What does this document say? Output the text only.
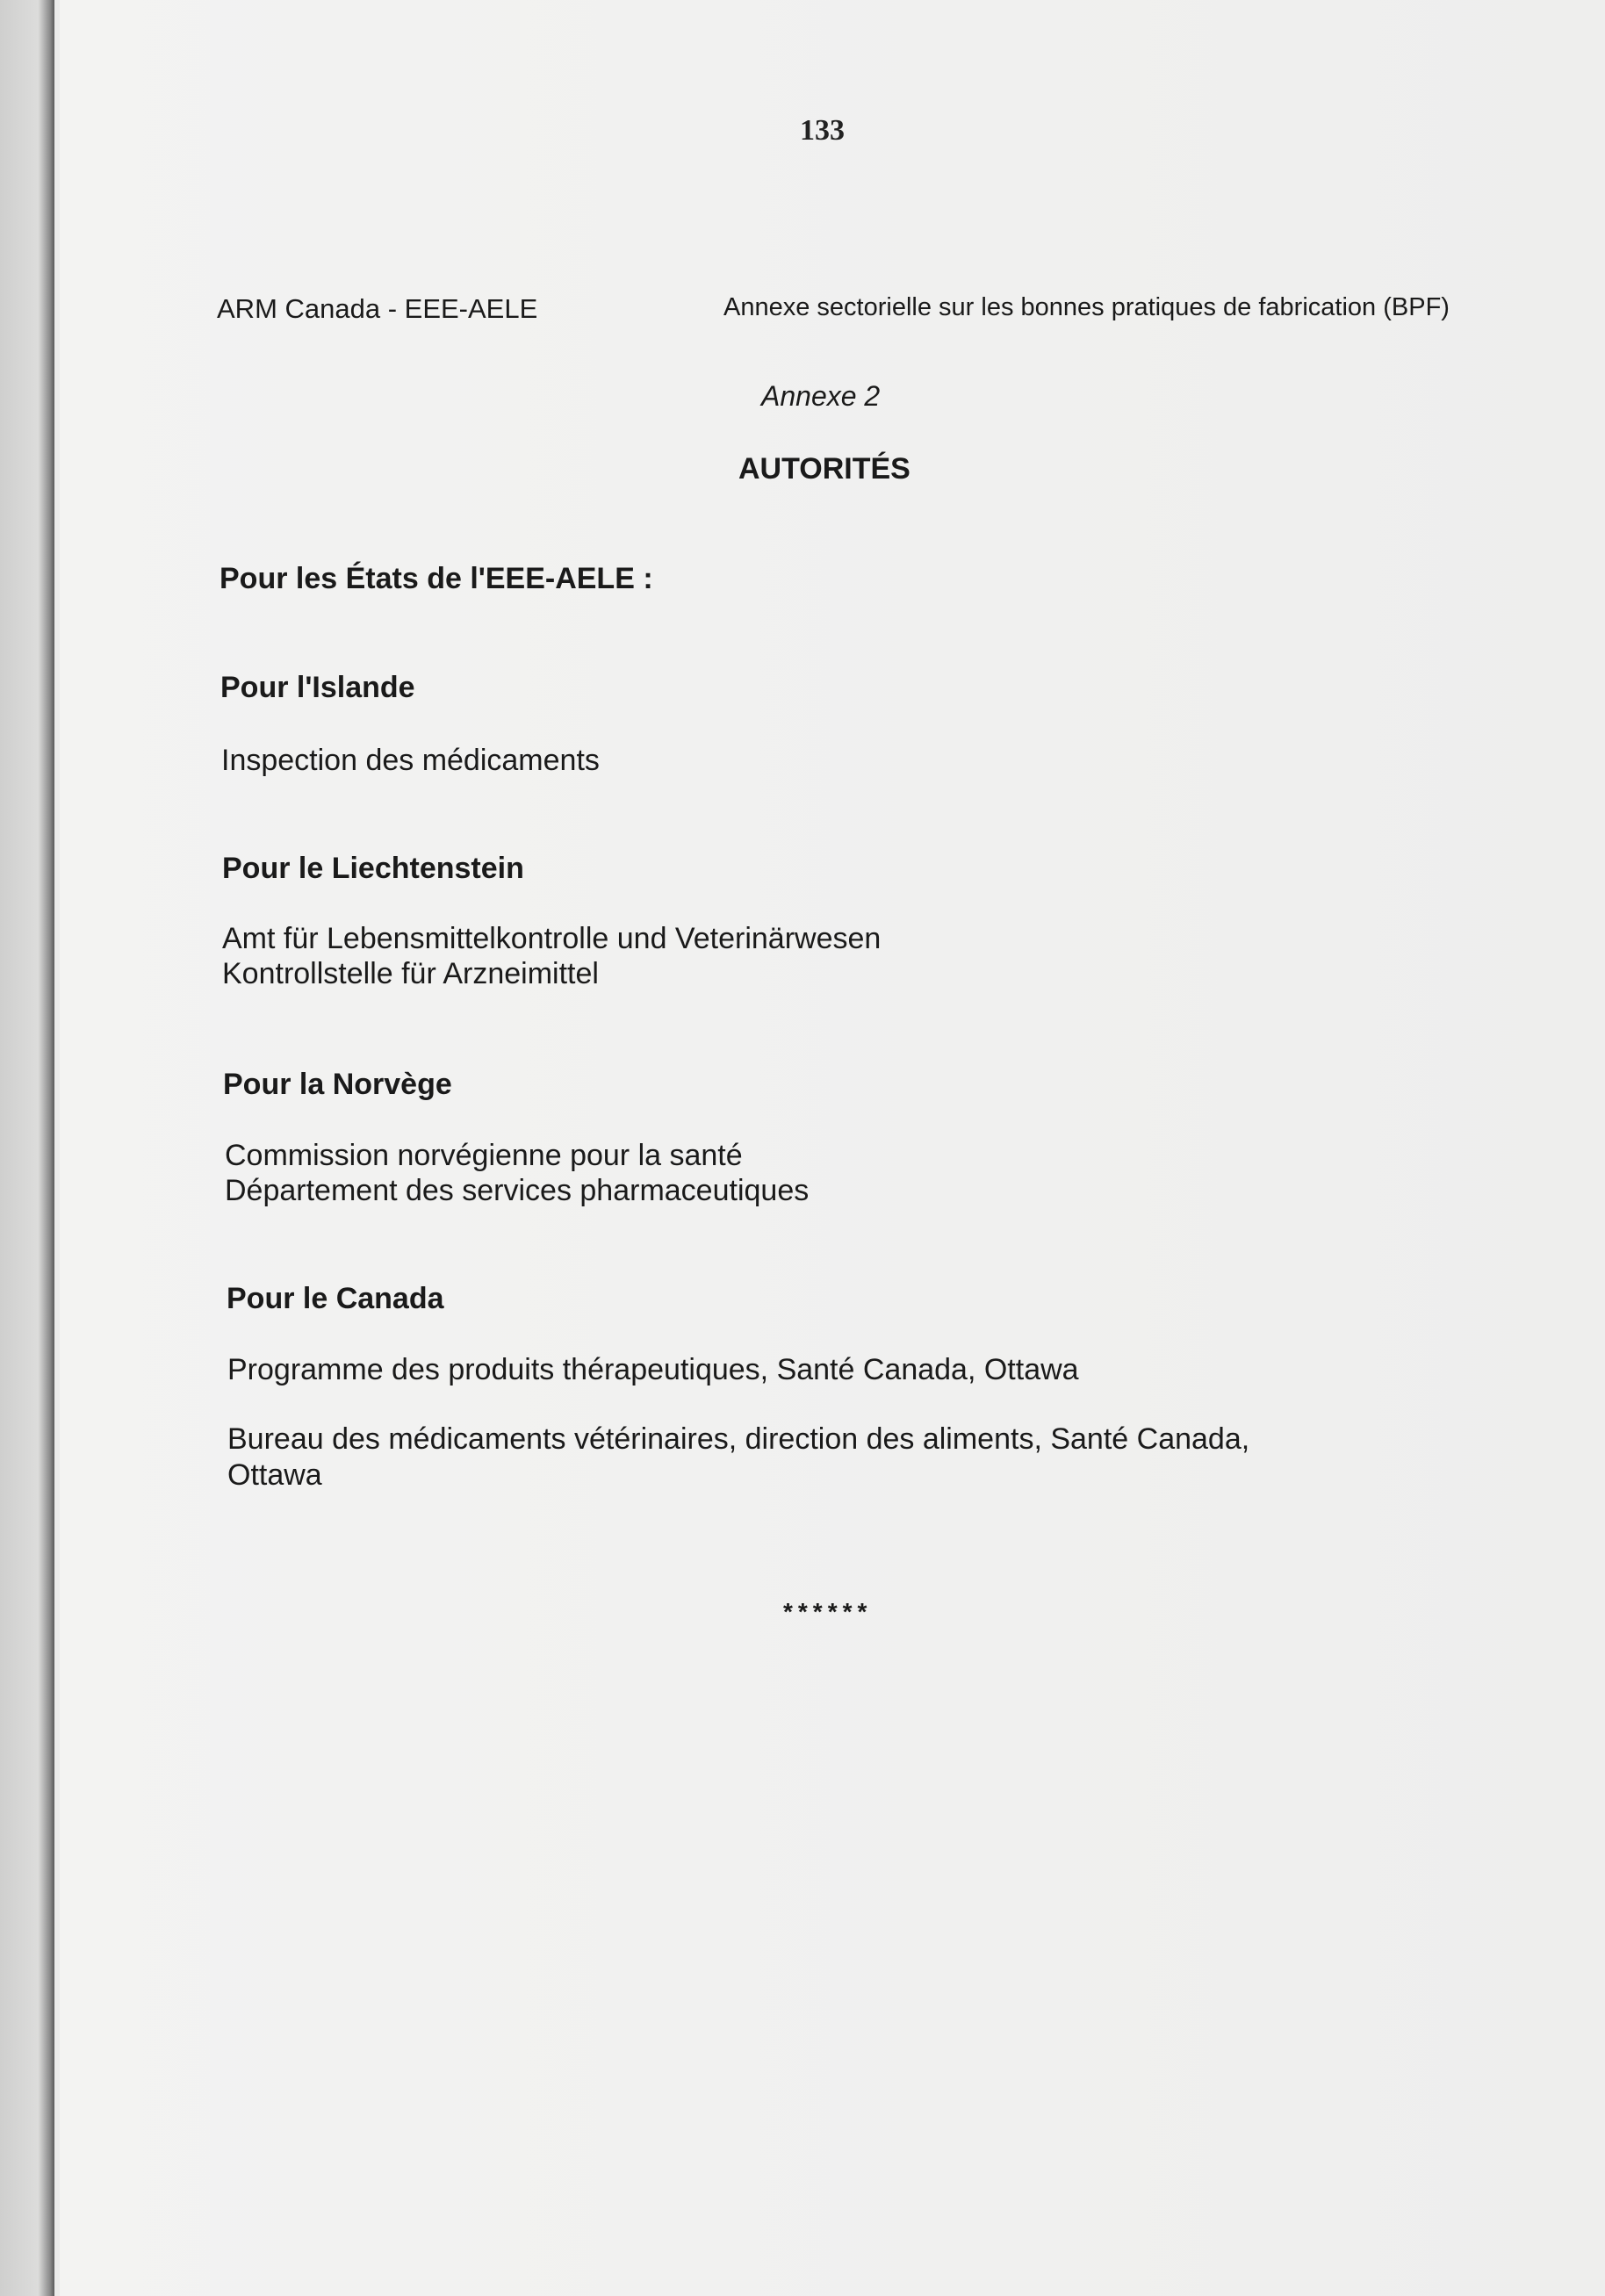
133
ARM Canada - EEE-AELE	Annexe sectorielle sur les bonnes pratiques de fabrication (BPF)
Annexe 2
AUTORITÉS
Pour les États de l'EEE-AELE :
Pour l'Islande
Inspection des médicaments
Pour le Liechtenstein
Amt für Lebensmittelkontrolle und Veterinärwesen
Kontrollstelle für Arzneimittel
Pour la Norvège
Commission norvégienne pour la santé
Département des services pharmaceutiques
Pour le Canada
Programme des produits thérapeutiques, Santé Canada, Ottawa
Bureau des médicaments vétérinaires, direction des aliments, Santé Canada,
Ottawa
******
